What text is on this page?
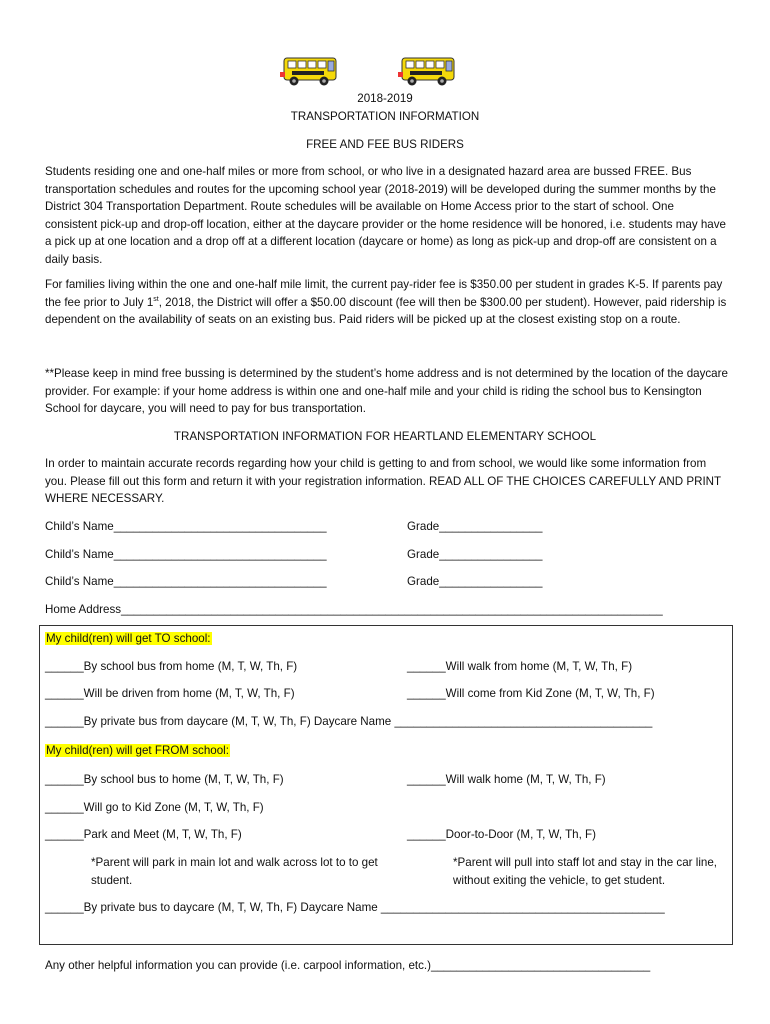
2018-2019
TRANSPORTATION INFORMATION
FREE AND FEE BUS RIDERS

Students residing one and one-half miles or more from school, or who live in a designated hazard area are bussed FREE. Bus transportation schedules and routes for the upcoming school year (2018-2019) will be developed during the summer months by the District 304 Transportation Department. Route schedules will be available on Home Access prior to the start of school. One consistent pick-up and drop-off location, either at the daycare provider or the home residence will be honored, i.e. students may have a pick up at one location and a drop off at a different location (daycare or home) as long as pick-up and drop-off are consistent on a daily basis.

For families living within the one and one-half mile limit, the current pay-rider fee is $350.00 per student in grades K-5. If parents pay the fee prior to July 1st, 2018, the District will offer a $50.00 discount (fee will then be $300.00 per student). However, paid ridership is dependent on the availability of seats on an existing bus. Paid riders will be picked up at the closest existing stop on a route.

**Please keep in mind free bussing is determined by the student’s home address and is not determined by the location of the daycare provider. For example: if your home address is within one and one-half mile and your child is riding the school bus to Kensington School for daycare, you will need to pay for bus transportation.

TRANSPORTATION INFORMATION FOR HEARTLAND ELEMENTARY SCHOOL

In order to maintain accurate records regarding how your child is getting to and from school, we would like some information from you. Please fill out this form and return it with your registration information. READ ALL OF THE CHOICES CAREFULLY AND PRINT WHERE NECESSARY.

Child’s Name_________________________________	Grade________________
Child’s Name_________________________________	Grade________________
Child’s Name_________________________________	Grade________________
Home Address____________________________________________________________________________________
My child(ren) will get TO school:
______By school bus from home (M, T, W, Th, F)	______Will walk from home (M, T, W, Th, F)
______Will be driven from home (M, T, W, Th, F)	______Will come from Kid Zone (M, T, W, Th, F)
______By private bus from daycare (M, T, W, Th, F) Daycare Name ________________________________________
My child(ren) will get FROM school:
______By school bus to home (M, T, W, Th, F)	______Will walk home (M, T, W, Th, F)
______Will go to Kid Zone (M, T, W, Th, F)
______Park and Meet (M, T, W, Th, F)	______Door-to-Door (M, T, W, Th, F)
*Parent will park in main lot and walk across lot to to get student.
*Parent will pull into staff lot and stay in the car line, without exiting the vehicle, to get student.
______By private bus to daycare (M, T, W, Th, F) Daycare Name ____________________________________________
Any other helpful information you can provide (i.e. carpool information, etc.)__________________________________
